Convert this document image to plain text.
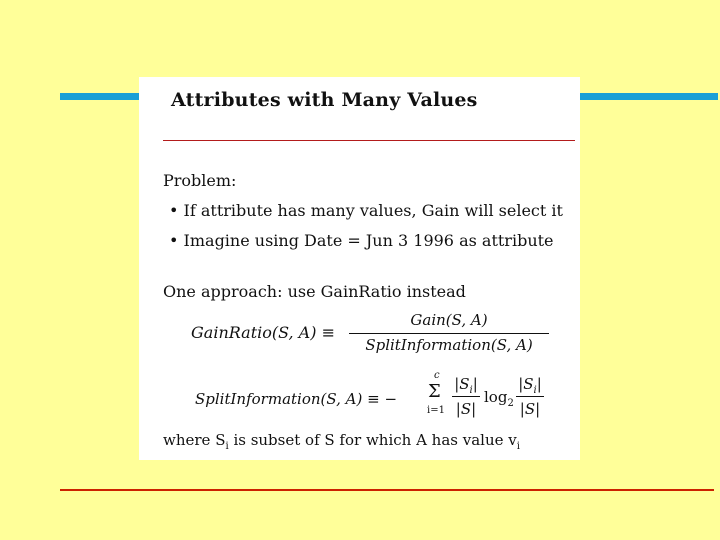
Attributes with Many Values
Problem:
• If attribute has many values, Gain will select it
• Imagine using Date = Jun 3 1996 as attribute
One approach: use GainRatio instead
GainRatio(S, A) ≡
Gain(S, A)
SplitInformation(S, A)
SplitInformation(S, A) ≡ −
c
Σ
i=1
$|S_i|$
|S|
$\log_2$
$|S_i|$
|S|
where $S_i$ is subset of S for which A has value $v_i$
